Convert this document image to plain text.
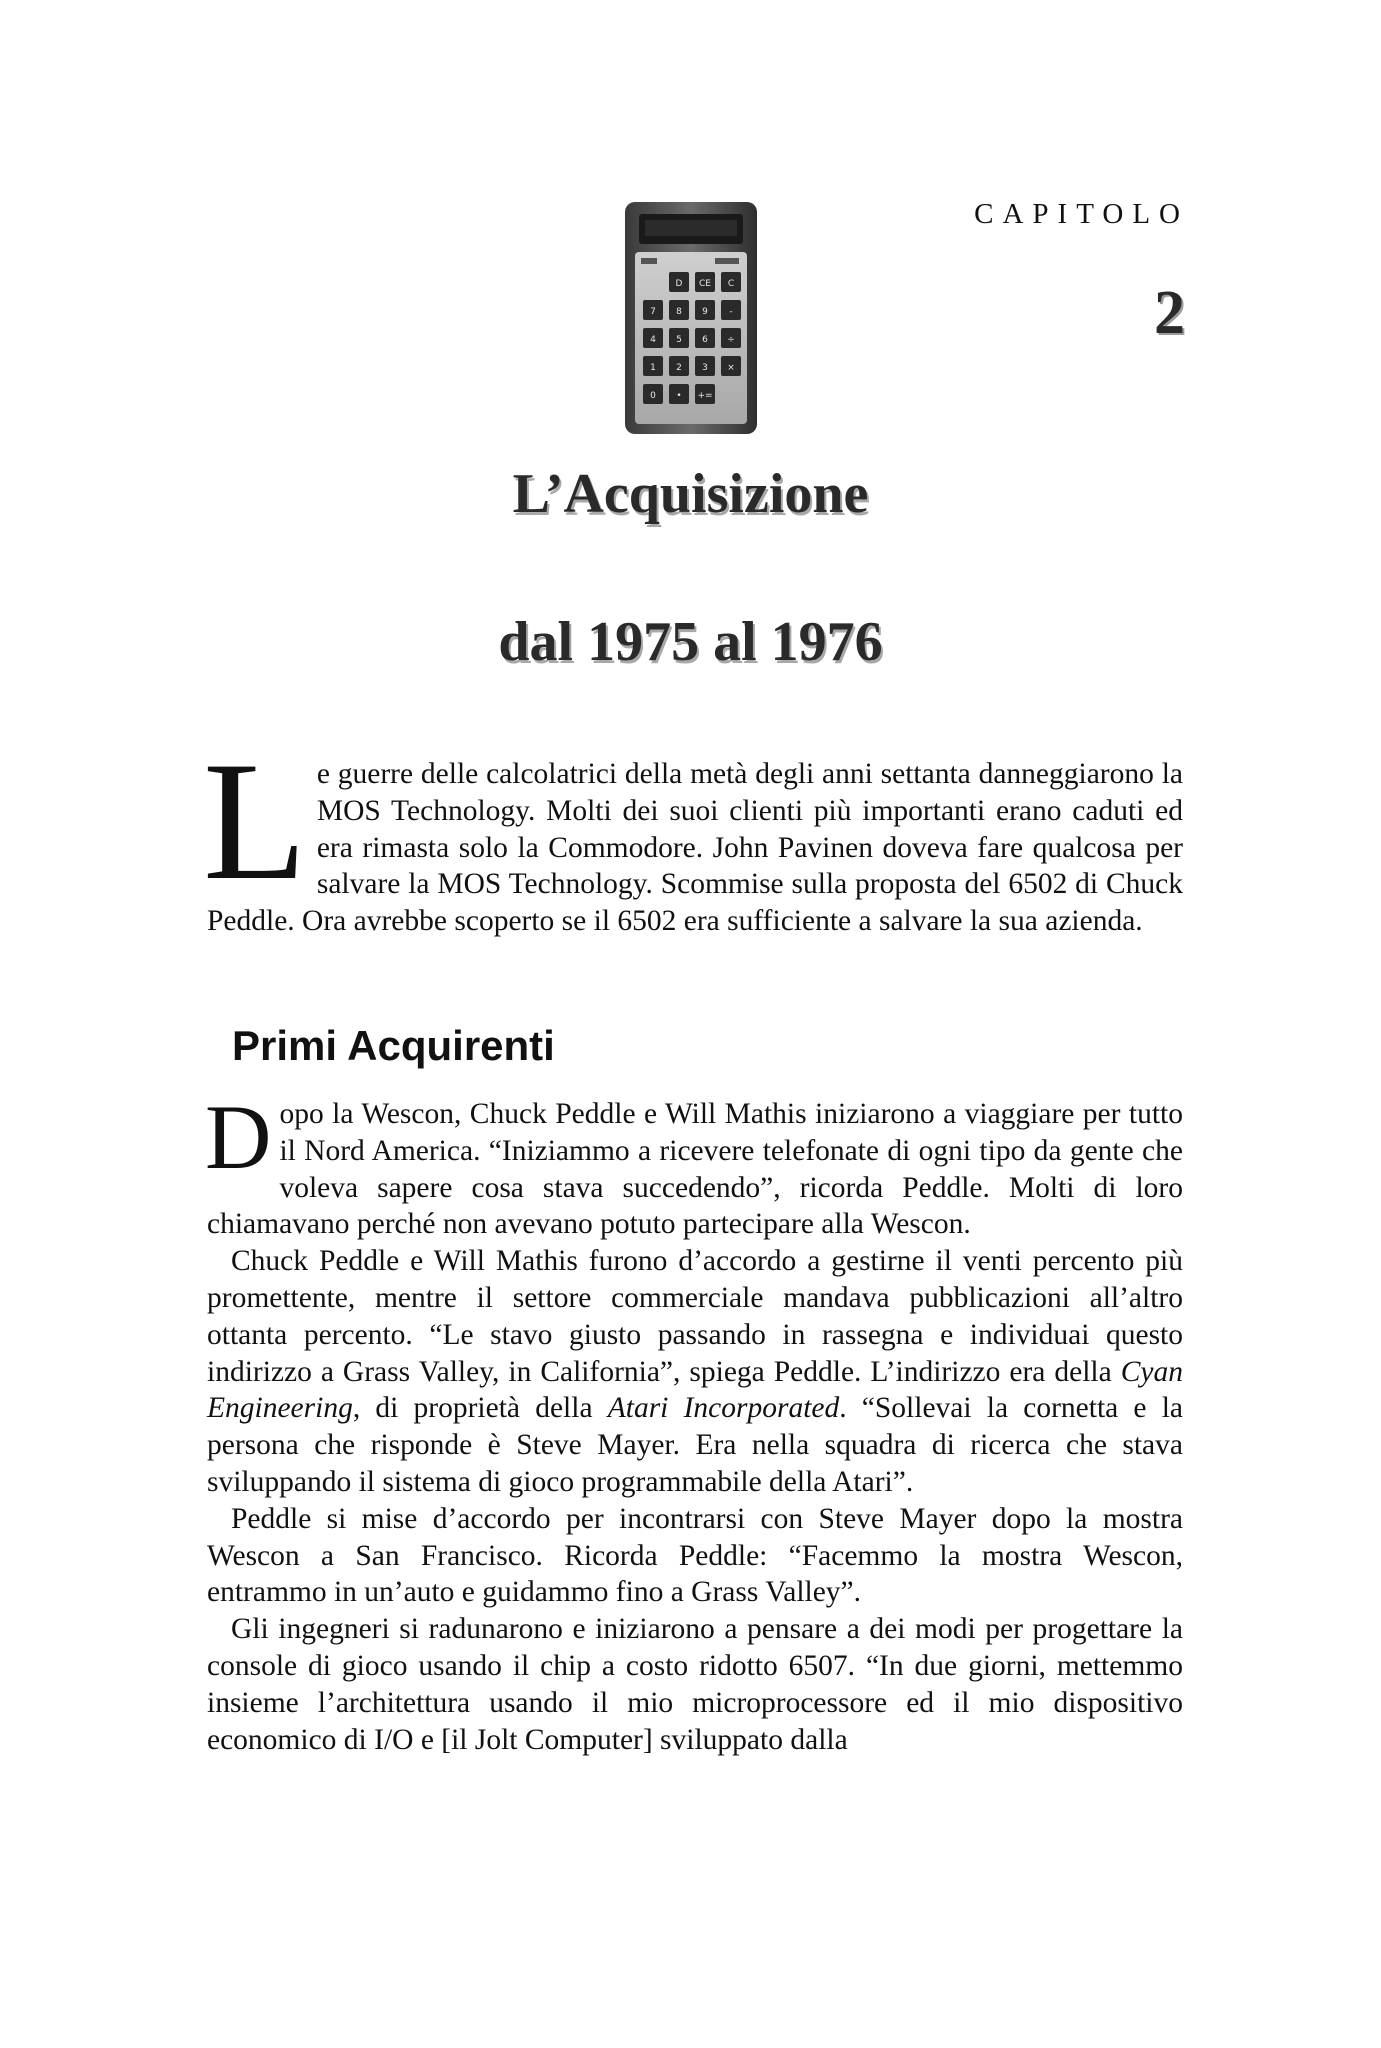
CAPITOLO

2

D CE C
7 8 9 -
4 5 6 ÷
1 2 3 ×
0 • +=
L’Acquisizione
dal 1975 al 1976

Le guerre delle calcolatrici della metà degli anni settanta danneggiarono la MOS Technology. Molti dei suoi clienti più importanti erano caduti ed era rimasta solo la Commodore. John Pavinen doveva fare qualcosa per salvare la MOS Technology. Scommise sulla proposta del 6502 di Chuck Peddle. Ora avrebbe scoperto se il 6502 era sufficiente a salvare la sua azienda.

Primi Acquirenti

Dopo la Wescon, Chuck Peddle e Will Mathis iniziarono a viaggiare per tutto il Nord America. “Iniziammo a ricevere telefonate di ogni tipo da gente che voleva sapere cosa stava succedendo”, ricorda Peddle. Molti di loro chiamavano perché non avevano potuto partecipare alla Wescon.

Chuck Peddle e Will Mathis furono d’accordo a gestirne il venti percento più promettente, mentre il settore commerciale mandava pubblicazioni all’altro ottanta percento. “Le stavo giusto passando in rassegna e individuai questo indirizzo a Grass Valley, in California”, spiega Peddle. L’indirizzo era della Cyan Engineering, di proprietà della Atari Incorporated. “Sollevai la cornetta e la persona che risponde è Steve Mayer. Era nella squadra di ricerca che stava sviluppando il sistema di gioco programmabile della Atari”.

Peddle si mise d’accordo per incontrarsi con Steve Mayer dopo la mostra Wescon a San Francisco. Ricorda Peddle: “Facemmo la mostra Wescon, entrammo in un’auto e guidammo fino a Grass Valley”.

Gli ingegneri si radunarono e iniziarono a pensare a dei modi per progettare la console di gioco usando il chip a costo ridotto 6507. “In due giorni, mettemmo insieme l’architettura usando il mio microprocessore ed il mio dispositivo economico di I/O e [il Jolt Computer] sviluppato dalla
